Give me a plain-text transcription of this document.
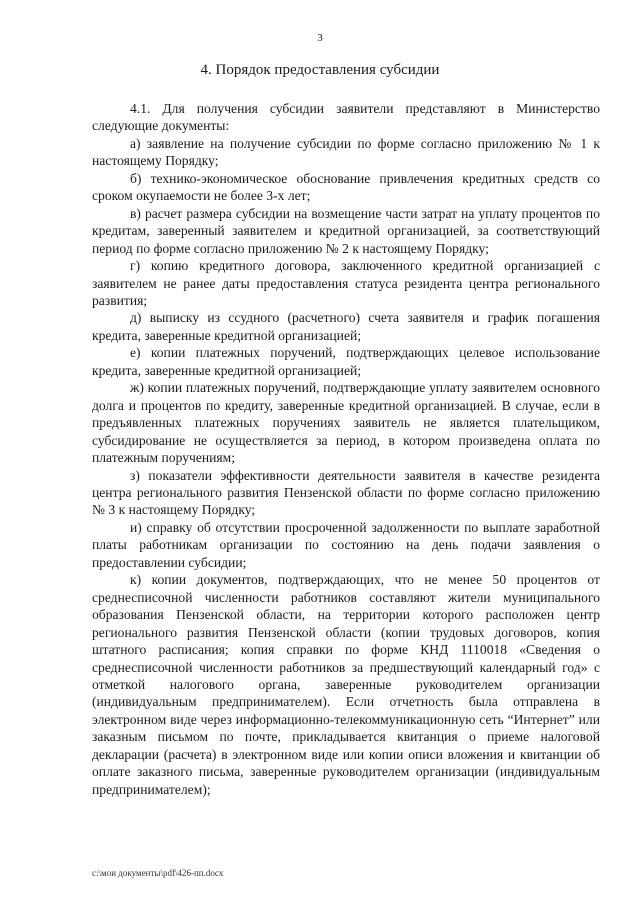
3
4. Порядок предоставления субсидии

4.1. Для получения субсидии заявители представляют в Министерство следующие документы:

а) заявление на получение субсидии по форме согласно приложению № 1 к настоящему Порядку;

б) технико-экономическое обоснование привлечения кредитных средств со сроком окупаемости не более 3-х лет;

в) расчет размера субсидии на возмещение части затрат на уплату процентов по кредитам, заверенный заявителем и кредитной организацией, за соответствующий период по форме согласно приложению № 2 к настоящему Порядку;

г) копию кредитного договора, заключенного кредитной организацией с заявителем не ранее даты предоставления статуса резидента центра регионального развития;

д) выписку из ссудного (расчетного) счета заявителя и график погашения кредита, заверенные кредитной организацией;

е) копии платежных поручений, подтверждающих целевое использование кредита, заверенные кредитной организацией;

ж) копии платежных поручений, подтверждающие уплату заявителем основного долга и процентов по кредиту, заверенные кредитной организацией. В случае, если в предъявленных платежных поручениях заявитель не является плательщиком, субсидирование не осуществляется за период, в котором произведена оплата по платежным поручениям;

з) показатели эффективности деятельности заявителя в качестве резидента центра регионального развития Пензенской области по форме согласно приложению № 3 к настоящему Порядку;

и) справку об отсутствии просроченной задолженности по выплате заработной платы работникам организации по состоянию на день подачи заявления о предоставлении субсидии;

к) копии документов, подтверждающих, что не менее 50 процентов от среднесписочной численности работников составляют жители муниципального образования Пензенской области, на территории которого расположен центр регионального развития Пензенской области (копии трудовых договоров, копия штатного расписания; копия справки по форме КНД 1110018 «Сведения о среднесписочной численности работников за предшествующий календарный год» с отметкой налогового органа, заверенные руководителем организации (индивидуальным предпринимателем). Если отчетность была отправлена в электронном виде через информационно-телекоммуникационную сеть “Интернет” или заказным письмом по почте, прикладывается квитанция о приеме налоговой декларации (расчета) в электронном виде или копии описи вложения и квитанции об оплате заказного письма, заверенные руководителем организации (индивидуальным предпринимателем);

c:\мои документы\pdf\426-пп.docx
